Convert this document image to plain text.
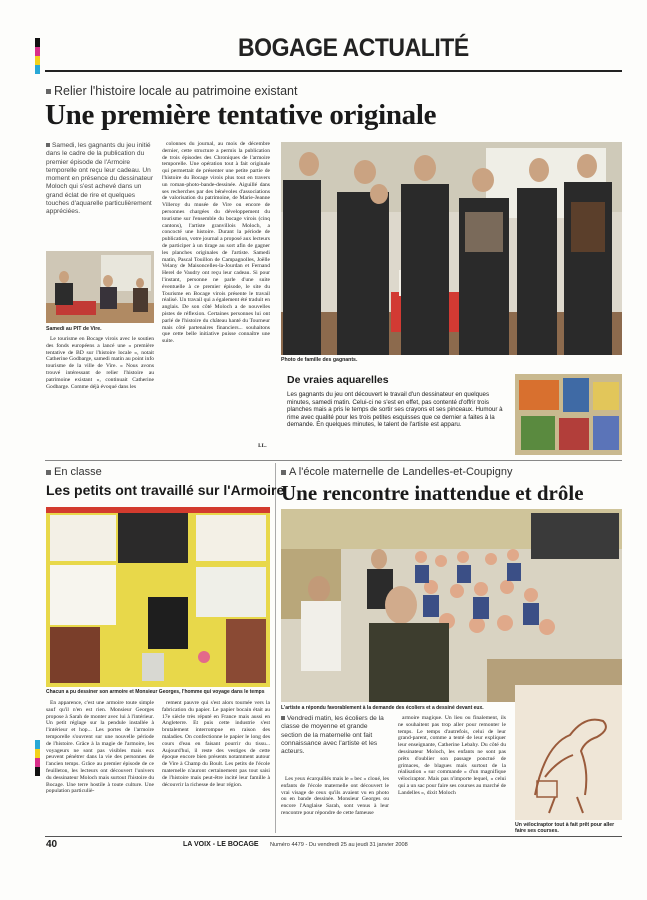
BOGAGE ACTUALITÉ
Relier l'histoire locale au patrimoine existant
Une première tentative originale
Samedi, les gagnants du jeu initié dans le cadre de la publication du premier épisode de l'Armoire temporelle ont reçu leur cadeau. Un moment en présence du dessinateur Moloch qui s'est achevé dans un grand éclat de rire et quelques touches d'aquarelle particulièrement appréciées.
Samedi au PIT de Vire.

Le tourisme en Bocage virois avec le soutien des fonds européens a lancé une « première tentative de BD sur l'histoire locale », notait Catherine Godbarge, samedi matin au point info tourisme de la ville de Vire. « Nous avons trouvé intéressant de relier l'histoire au patrimoine existant », continuait Catherine Godbarge. Comme déjà évoqué dans les

colonnes du journal, au mois de décembre dernier, cette structure a permis la publication de trois épisodes des Chroniques de l'armoire temporelle. Une opération tout à fait originale qui permettait de présenter une petite partie de l'histoire du Bocage virois plus tout en travers un roman-photo-bande-dessinée. Aiguillé dans ses recherches par des bénévoles d'associations de valorisation du patrimoine, de Marie-Jeanne Villeroy du musée de Vire ou encore de personnes chargées du développement du tourisme sur l'ensemble du bocage virois (cinq cantons), l'artiste granvillois Moloch, a concocté une histoire. Durant la période de publication, votre journal a proposé aux lecteurs de participer à un tirage au sort afin de gagner les planches originales de l'artiste. Samedi matin, Pascal Touillon de Campagnolles, Joëlle Velany de Maisoncelles-la-Jourdan et Fernand Herel de Vaudry ont reçu leur cadeau. Si pour l'instant, personne ne parle d'une suite éventuelle à ce premier épisode, le site du Tourisme en Bocage virois présente le travail réalisé. Un travail qui a également été traduit en anglais. De son côté Moloch a de nouvelles pistes de réflexion. Certaines personnes lui ont parlé de l'histoire du château hanté du Tourneur mais côté partenaires financiers... souhaitons que cette belle initiative puisse connaître une suite.

I.L.
Photo de famille des gagnants.
De vraies aquarelles
Les gagnants du jeu ont découvert le travail d'un dessinateur en quelques minutes, samedi matin. Celui-ci ne s'est en effet, pas contenté d'offrir trois planches mais a pris le temps de sortir ses crayons et ses pinceaux. Humour à rime avec qualité pour les trois petites esquisses que ce dernier a faites à la demande. En quelques minutes, le talent de l'artiste est apparu.
En classe
Les petits ont travaillé sur l'Armoire
Chacun a pu dessiner son armoire et Monsieur Georges, l'homme qui voyage dans le temps

En apparence, c'est une armoire toute simple sauf qu'il n'en est rien. Monsieur Georges propose à Sarah de monter avec lui à l'intérieur. Un petit réglage sur la pendule installée à l'intérieur et hop... Les portes de l'armoire temporelle s'ouvrent sur une nouvelle période de l'histoire. Grâce à la magie de l'armoire, les voyageurs ne sont pas visibles mais eux peuvent pénétrer dans la vie des personnes de l'ancien temps. Grâce au premier épisode de ce feuilleton, les lecteurs ont découvert l'univers du dessinateur Moloch mais surtout l'histoire du Bocage. Une terre hostile à toute culture. Une population particuliè-

rement pauvre qui s'est alors tournée vers la fabrication du papier. Le papier bocain était au 17e siècle très réputé en France mais aussi en Angleterre. Et puis cette industrie s'est brutalement interrompue en raison des maladies. On confectionne le papier le long des cours d'eau en faisant pourrir du tissu... Aujourd'hui, il reste des vestiges de cette époque encore bien présents notamment autour de Vire à Champ du Boult. Les petits de l'école maternelle n'auront certainement pas tout saisi de l'histoire mais peut-être incité leur famille à découvrir la richesse de leur région.

A l'école maternelle de Landelles-et-Coupigny
Une rencontre inattendue et drôle
L'artiste a répondu favorablement à la demande des écoliers et a dessiné devant eux.
Vendredi matin, les écoliers de la classe de moyenne et grande section de la maternelle ont fait connaissance avec l'artiste et les acteurs.

Les yeux écarquillés mais le « bec » cloué, les enfants de l'école maternelle ont découvert le vrai visage de ceux qu'ils avaient vu en photo ou en bande dessinée. Monsieur Georges ou encore l'Anglaise Sarah, sont venus à leur rencontre pour répondre de cette fameuse

armoire magique. Un lieu ou finalement, ils ne souhaitent pas trop aller pour remonter le temps. Le temps d'autrefois, celui de leur grand-parent, comme a tenté de leur expliquer leur enseignante, Catherine Lebahy. Du côté du dessinateur Moloch, les enfants ne sont pas prêts d'oublier son passage ponctué de grimaces, de blagues mais surtout de la réalisation « sur commande » d'un magnifique vélociraptor. Mais pas n'importe lequel, « celui qui a un sac pour faire ses courses au marché de Landelles », dixit Moloch

Un vélociraptor tout à fait prêt pour aller faire ses courses.
40	LA VOIX - LE BOCAGE Numéro 4479 - Du vendredi 25 au jeudi 31 janvier 2008
